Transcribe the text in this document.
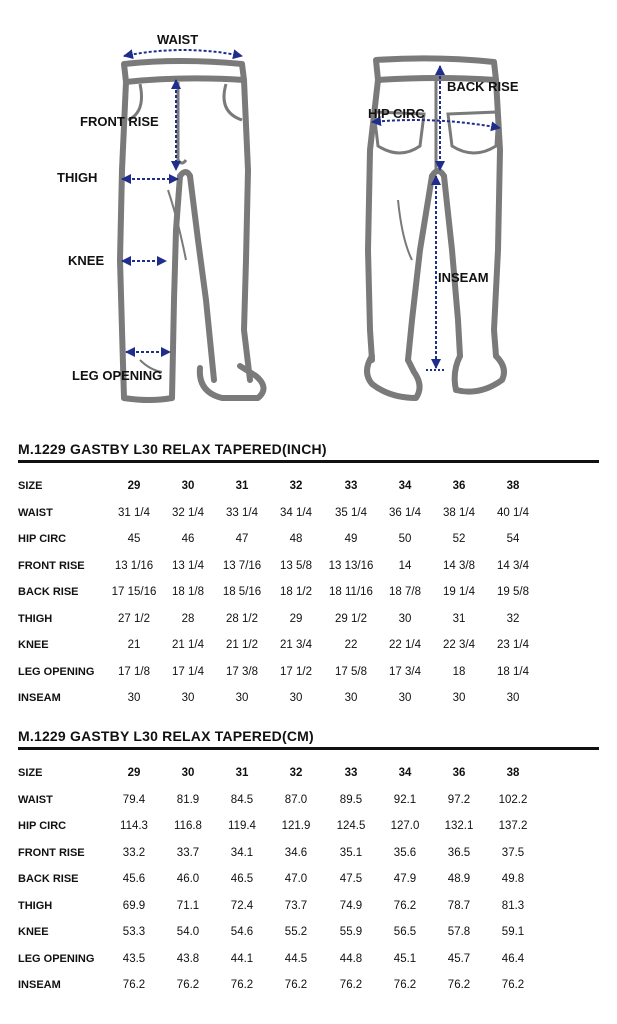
WAIST
FRONT RISE
THIGH
KNEE
LEG OPENING
BACK RISE
HIP CIRC
INSEAM
M.1229 GASTBY L30 RELAX TAPERED(INCH)
SIZE	29	30	31	32	33	34	36	38
WAIST	31 1/4	32 1/4	33 1/4	34 1/4	35 1/4	36 1/4	38 1/4	40 1/4
HIP CIRC	45	46	47	48	49	50	52	54
FRONT RISE	13 1/16	13 1/4	13 7/16	13 5/8	13 13/16	14	14 3/8	14 3/4
BACK RISE	17 15/16	18 1/8	18 5/16	18 1/2	18 11/16	18 7/8	19 1/4	19 5/8
THIGH	27 1/2	28	28 1/2	29	29 1/2	30	31	32
KNEE	21	21 1/4	21 1/2	21 3/4	22	22 1/4	22 3/4	23 1/4
LEG OPENING	17 1/8	17 1/4	17 3/8	17 1/2	17 5/8	17 3/4	18	18 1/4
INSEAM	30	30	30	30	30	30	30	30
M.1229 GASTBY L30 RELAX TAPERED(CM)
SIZE	29	30	31	32	33	34	36	38
WAIST	79.4	81.9	84.5	87.0	89.5	92.1	97.2	102.2
HIP CIRC	114.3	116.8	119.4	121.9	124.5	127.0	132.1	137.2
FRONT RISE	33.2	33.7	34.1	34.6	35.1	35.6	36.5	37.5
BACK RISE	45.6	46.0	46.5	47.0	47.5	47.9	48.9	49.8
THIGH	69.9	71.1	72.4	73.7	74.9	76.2	78.7	81.3
KNEE	53.3	54.0	54.6	55.2	55.9	56.5	57.8	59.1
LEG OPENING	43.5	43.8	44.1	44.5	44.8	45.1	45.7	46.4
INSEAM	76.2	76.2	76.2	76.2	76.2	76.2	76.2	76.2
